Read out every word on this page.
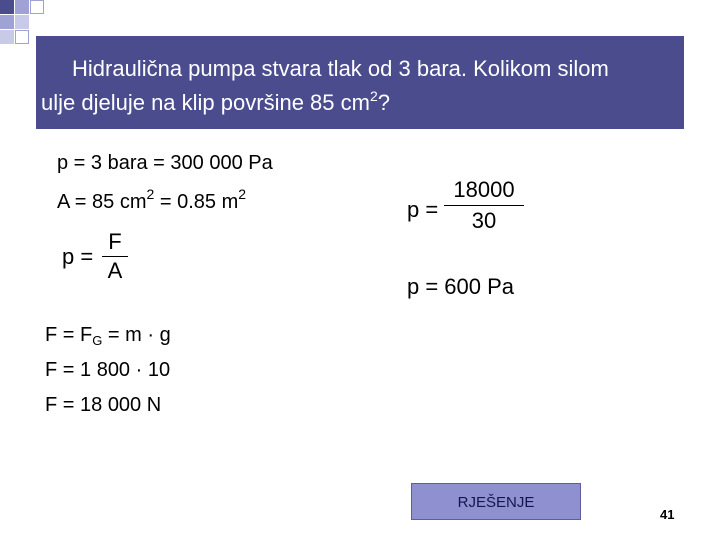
Hidraulična pumpa stvara tlak od 3 bara. Kolikom silom
ulje djeluje na klip površine 85 $cm^2$?
p = 3 bara = 300 000 Pa
A = 85 $cm^2 = 0.85$ $m^2$
$p = \frac{F}{A}$
$F = F_G = m \cdot g$
F = 1 800 · 10
F = 18 000 N
$p = \frac{18000}{30}$
p = 600 Pa
RJEŠENJE
41
